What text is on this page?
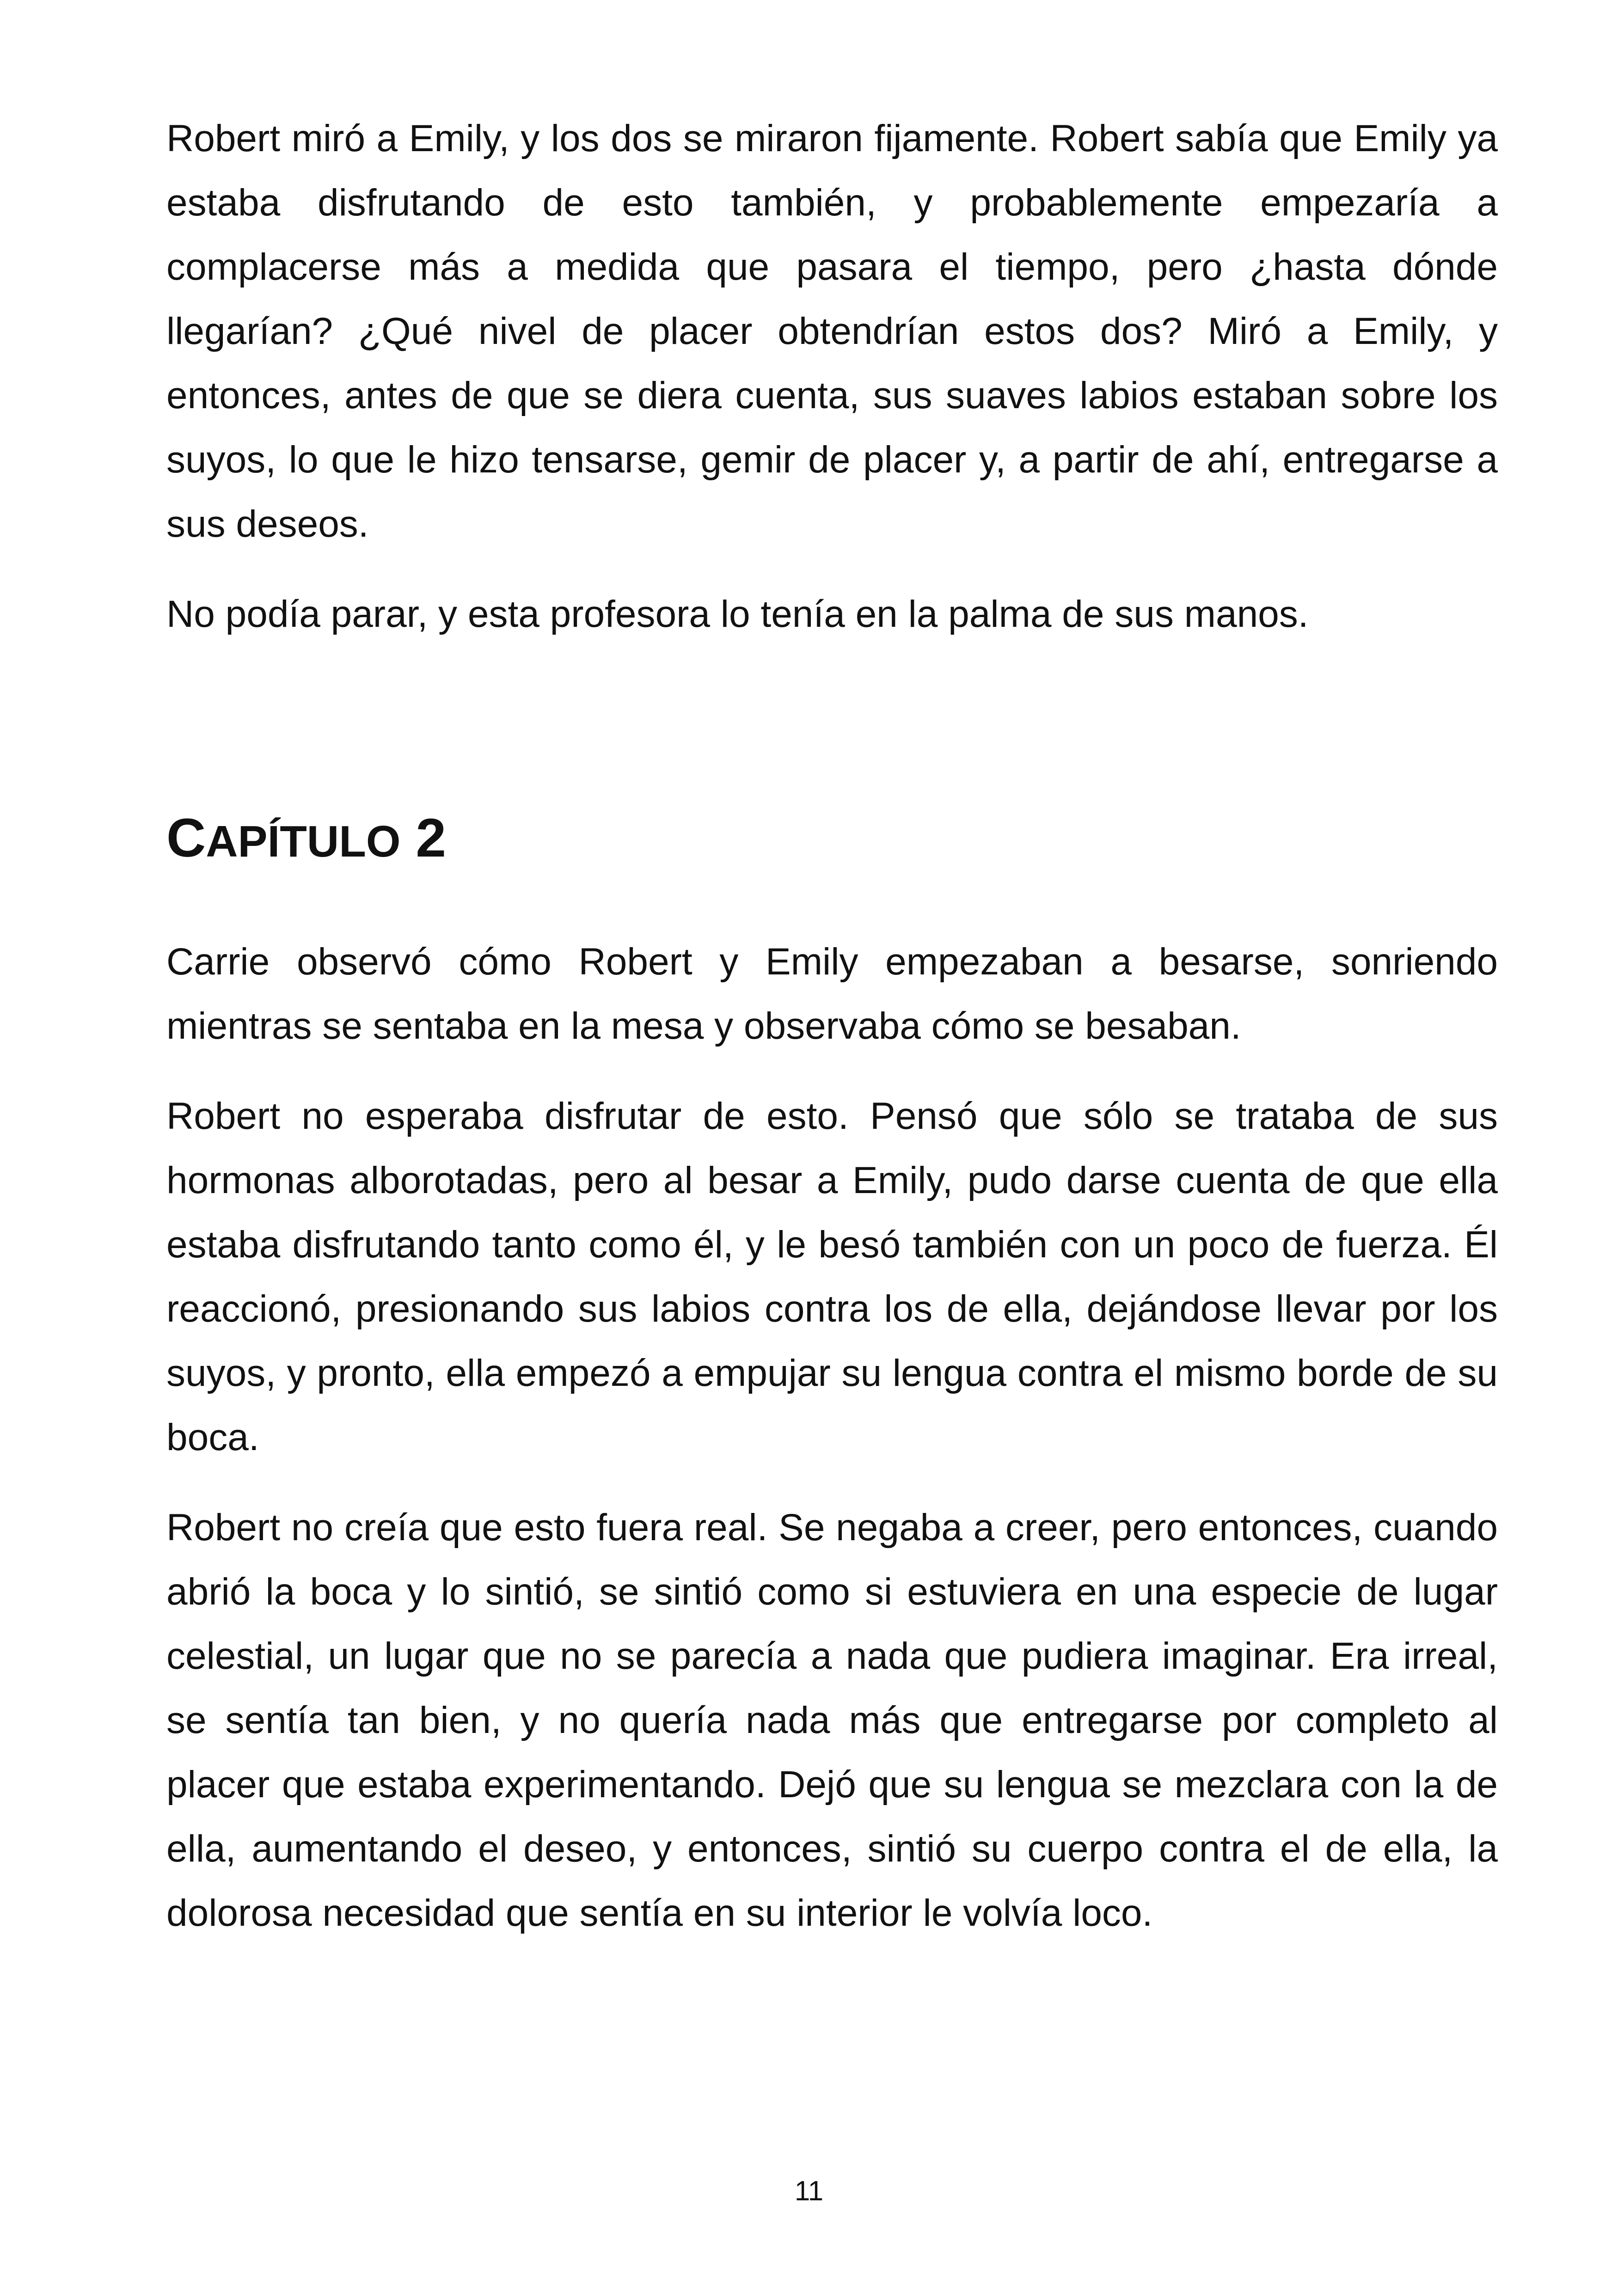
Robert miró a Emily, y los dos se miraron fijamente. Robert sabía que Emily ya estaba disfrutando de esto también, y probablemente empezaría a complacerse más a medida que pasara el tiempo, pero ¿hasta dónde llegarían? ¿Qué nivel de placer obtendrían estos dos? Miró a Emily, y entonces, antes de que se diera cuenta, sus suaves labios estaban sobre los suyos, lo que le hizo tensarse, gemir de placer y, a partir de ahí, entregarse a sus deseos.

No podía parar, y esta profesora lo tenía en la palma de sus manos.

CAPÍTULO 2

Carrie observó cómo Robert y Emily empezaban a besarse, sonriendo mientras se sentaba en la mesa y observaba cómo se besaban.

Robert no esperaba disfrutar de esto. Pensó que sólo se trataba de sus hormonas alborotadas, pero al besar a Emily, pudo darse cuenta de que ella estaba disfrutando tanto como él, y le besó también con un poco de fuerza. Él reaccionó, presionando sus labios contra los de ella, dejándose llevar por los suyos, y pronto, ella empezó a empujar su lengua contra el mismo borde de su boca.

Robert no creía que esto fuera real. Se negaba a creer, pero entonces, cuando abrió la boca y lo sintió, se sintió como si estuviera en una especie de lugar celestial, un lugar que no se parecía a nada que pudiera imaginar. Era irreal, se sentía tan bien, y no quería nada más que entregarse por completo al placer que estaba experimentando. Dejó que su lengua se mezclara con la de ella, aumentando el deseo, y entonces, sintió su cuerpo contra el de ella, la dolorosa necesidad que sentía en su interior le volvía loco.

11
